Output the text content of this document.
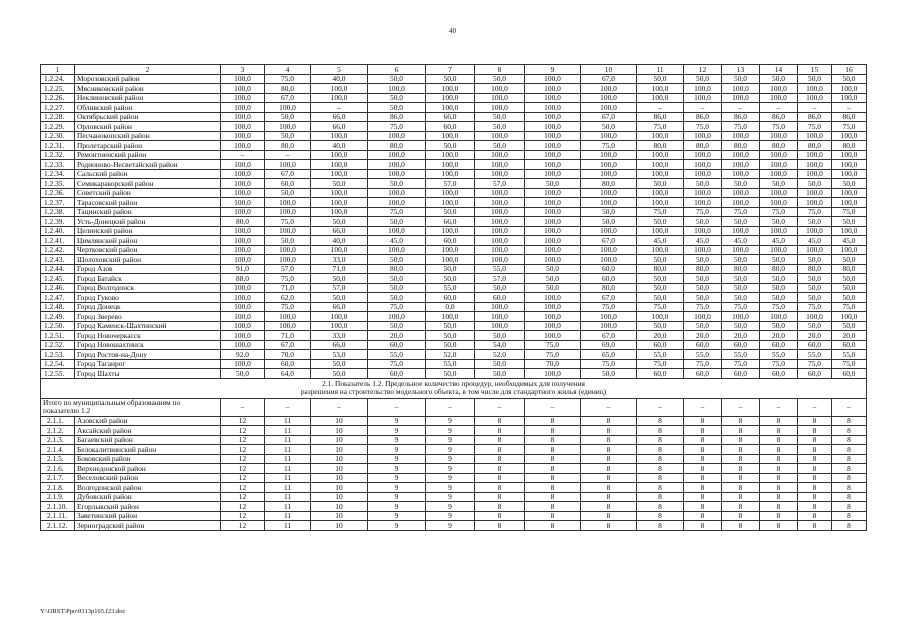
40
1	2	3	4	5	6	7	8	9	10	11	12	13	14	15	16
1.2.24.	Морозовский район	100,0	75,0	40,0	50,0	50,0	50,0	100,0	67,0	50,0	50,0	50,0	50,0	50,0	50,0
1.2.25.	Мясниковский район	100,0	80,0	100,0	100,0	100,0	100,0	100,0	100,0	100,0	100,0	100,0	100,0	100,0	100,0
1.2.26.	Неклиновский район	100,0	67,0	100,0	50,0	100,0	100,0	100,0	100,0	100,0	100,0	100,0	100,0	100,0	100,0
1.2.27.	Обливский район	100,0	100,0	–	50,0	100,0	100,0	100,0	100,0	–	–	–	–	–	–
1.2.28.	Октябрьский район	100,0	50,0	66,0	86,0	66,0	50,0	100,0	67,0	86,0	86,0	86,0	86,0	86,0	86,0
1.2.29.	Орловский район	100,0	100,0	66,0	75,0	60,0	50,0	100,0	50,0	75,0	75,0	75,0	75,0	75,0	75,0
1.2.30.	Песчанокопский район	100,0	50,0	100,0	100,0	100,0	100,0	100,0	100,0	100,0	100,0	100,0	100,0	100,0	100,0
1.2.31.	Пролетарский район	100,0	80,0	40,0	80,0	50,0	50,0	100,0	75,0	80,0	80,0	80,0	80,0	80,0	80,0
1.2.32.	Ремонтненский район	–	–	100,0	100,0	100,0	100,0	100,0	100,0	100,0	100,0	100,0	100,0	100,0	100,0
1.2.33.	Родионово-Несветайский район	100,0	100,0	100,0	100,0	100,0	100,0	100,0	100,0	100,0	100,0	100,0	100,0	100,0	100,0
1.2.34.	Сальский район	100,0	67,0	100,0	100,0	100,0	100,0	100,0	100,0	100,0	100,0	100,0	100,0	100,0	100,0
1.2.35.	Семикаракорский район	100,0	60,0	50,0	50,0	57,0	57,0	50,0	80,0	50,0	50,0	50,0	50,0	50,0	50,0
1.2.36.	Советский район	100,0	50,0	100,0	100,0	100,0	100,0	100,0	100,0	100,0	100,0	100,0	100,0	100,0	100,0
1.2.37.	Тарасовский район	100,0	100,0	100,0	100,0	100,0	100,0	100,0	100,0	100,0	100,0	100,0	100,0	100,0	100,0
1.2.38.	Тацинский район	100,0	100,0	100,0	75,0	50,0	100,0	100,0	50,0	75,0	75,0	75,0	75,0	75,0	75,0
1.2.39.	Усть-Донецкий район	80,0	75,0	50,0	50,0	66,0	100,0	100,0	50,0	50,0	50,0	50,0	50,0	50,0	50,0
1.2.40.	Целинский район	100,0	100,0	66,0	100,0	100,0	100,0	100,0	100,0	100,0	100,0	100,0	100,0	100,0	100,0
1.2.41.	Цимлянский район	100,0	50,0	40,0	45,0	60,0	100,0	100,0	67,0	45,0	45,0	45,0	45,0	45,0	45,0
1.2.42.	Чертковский район	100,0	100,0	100,0	100,0	100,0	100,0	100,0	100,0	100,0	100,0	100,0	100,0	100,0	100,0
1.2.43.	Шолоховский район	100,0	100,0	33,0	50,0	100,0	100,0	100,0	100,0	50,0	50,0	50,0	50,0	50,0	50,0
1.2.44.	Город Азов	91,0	57,0	71,0	80,0	50,0	55,0	50,0	60,0	80,0	80,0	80,0	80,0	80,0	80,0
1.2.45.	Город Батайск	88,0	75,0	50,0	50,0	50,0	57,0	50,0	60,0	50,0	50,0	50,0	50,0	50,0	50,0
1.2.46.	Город Волгодонск	100,0	71,0	57,0	50,0	55,0	50,0	50,0	80,0	50,0	50,0	50,0	50,0	50,0	50,0
1.2.47.	Город Гуково	100,0	62,0	50,0	50,0	60,0	60,0	100,0	67,0	50,0	50,0	50,0	50,0	50,0	50,0
1.2.48.	Город Донецк	100,0	75,0	66,0	75,0	0,0	100,0	100,0	75,0	75,0	75,0	75,0	75,0	75,0	75,0
1.2.49.	Город Зверево	100,0	100,0	100,0	100,0	100,0	100,0	100,0	100,0	100,0	100,0	100,0	100,0	100,0	100,0
1.2.50.	Город Каменск-Шахтинский	100,0	100,0	100,0	50,0	50,0	100,0	100,0	100,0	50,0	50,0	50,0	50,0	50,0	50,0
1.2.51.	Город Новочеркасск	100,0	71,0	33,0	20,0	50,0	50,0	100,0	67,0	20,0	20,0	20,0	20,0	20,0	20,0
1.2.52.	Город Новошахтинск	100,0	67,0	66,0	60,0	50,0	54,0	75,0	69,0	60,0	60,0	60,0	60,0	60,0	60,0
1.2.53.	Город Ростов-на-Дону	92,0	70,0	53,0	55,0	52,0	52,0	75,0	65,0	55,0	55,0	55,0	55,0	55,0	55,0
1.2.54.	Город Таганрог	100,0	60,0	50,0	75,0	55,0	50,0	70,0	75,0	75,0	75,0	75,0	75,0	75,0	75,0
1.2.55.	Город Шахты	50,0	64,0	50,0	60,0	50,0	50,0	100,0	50,0	60,0	60,0	60,0	60,0	60,0	60,0

2.1. Показатель 1.2. Предельное количество процедур, необходимых для получения
разрешения на строительство модельного объекта, в том числе для стандартного жилья (единиц)															

Итого по муниципальным образованиям по показателю 1.2		–	–	–	–	–	–	–	–	–	–	–	–	–	–
2.1.1.	Азовский район	12	11	10	9	9	8	8	8	8	8	8	8	8	8
2.1.2.	Аксайский район	12	11	10	9	9	8	8	8	8	8	8	8	8	8
2.1.3.	Багаевский район	12	11	10	9	9	8	8	8	8	8	8	8	8	8
2.1.4.	Белокалитвинский район	12	11	10	9	9	8	8	8	8	8	8	8	8	8
2.1.5.	Боковский район	12	11	10	9	9	8	8	8	8	8	8	8	8	8
2.1.6.	Верхнедонской район	12	11	10	9	9	8	8	8	8	8	8	8	8	8
2.1.7.	Веселовский район	12	11	10	9	9	8	8	8	8	8	8	8	8	8
2.1.8.	Волгодонской район	12	11	10	9	9	8	8	8	8	8	8	8	8	8
2.1.9.	Дубовский район	12	11	10	9	9	8	8	8	8	8	8	8	8	8
2.1.10.	Егорлыкский район	12	11	10	9	9	8	8	8	8	8	8	8	8	8
2.1.11.	Заветинский район	12	11	10	9	9	8	8	8	8	8	8	8	8	8
2.1.12.	Зерноградский район	12	11	10	9	9	8	8	8	8	8	8	8	8	8
Y:\ORST\Ppo\0313p165.f23.doc
